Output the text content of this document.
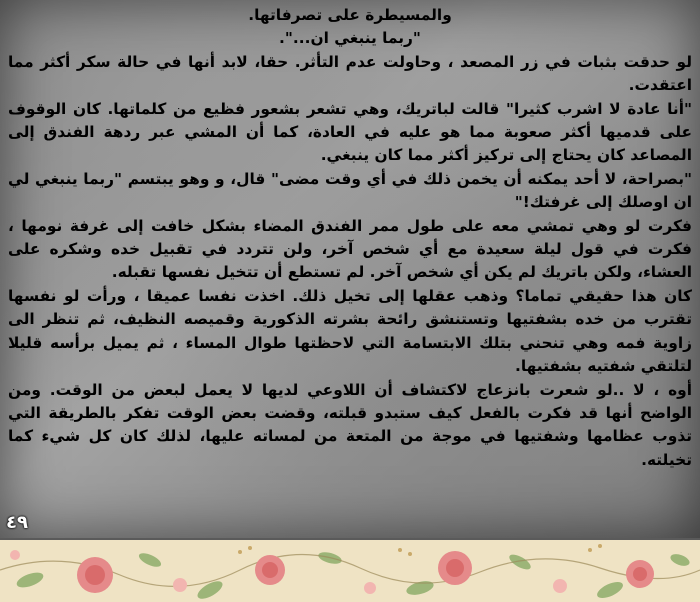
والمسيطرة على تصرفاتها.

"ربما ينبغي ان...".

لو حدقت بثبات في زر المصعد ، وحاولت عدم التأثر. حقا، لابد أنها في حالة سكر أكثر مما اعتقدت.

"أنا عادة لا اشرب كثيرا" قالت لباتريك، وهي تشعر بشعور فظيع من كلماتها. كان الوقوف على قدميها أكثر صعوبة مما هو عليه في العادة، كما أن المشي عبر ردهة الفندق إلى المصاعد كان يحتاج إلى تركيز أكثر مما كان ينبغي.

"بصراحة، لا أحد يمكنه أن يخمن ذلك في أي وقت مضى" قال، و وهو يبتسم "ربما ينبغي لي ان اوصلك إلى غرفتك!"

فكرت لو وهي تمشي معه على طول ممر الفندق المضاء بشكل خافت إلى غرفة نومها ، فكرت في قول ليلة سعيدة مع أي شخص آخر، ولن تتردد في تقبيل خده وشكره على العشاء، ولكن باتريك لم يكن أي شخص آخر. لم تستطع أن تتخيل نفسها تقبله.

كان هذا حقيقي تماما؟ وذهب عقلها إلى تخيل ذلك. اخذت نفسا عميقا ، ورأت لو نفسها تقترب من خده بشفتيها وتستنشق رائحة بشرته الذكورية وقميصه النظيف، ثم تنظر الى زاوية فمه وهي تنحني بتلك الابتسامة التي لاحظتها طوال المساء ، ثم يميل برأسه قليلا لتلتقي شفتيه بشفتيها.

أوه ، لا ..لو شعرت بانزعاج لاكتشاف أن اللاوعي لديها لا يعمل لبعض من الوقت. ومن الواضح أنها قد فكرت بالفعل كيف ستبدو قبلته، وقضت بعض الوقت تفكر بالطريقة التي تذوب عظامها وشفتيها في موجة من المتعة من لمساته عليها، لذلك كان كل شيء كما تخيلته.

٤٩
